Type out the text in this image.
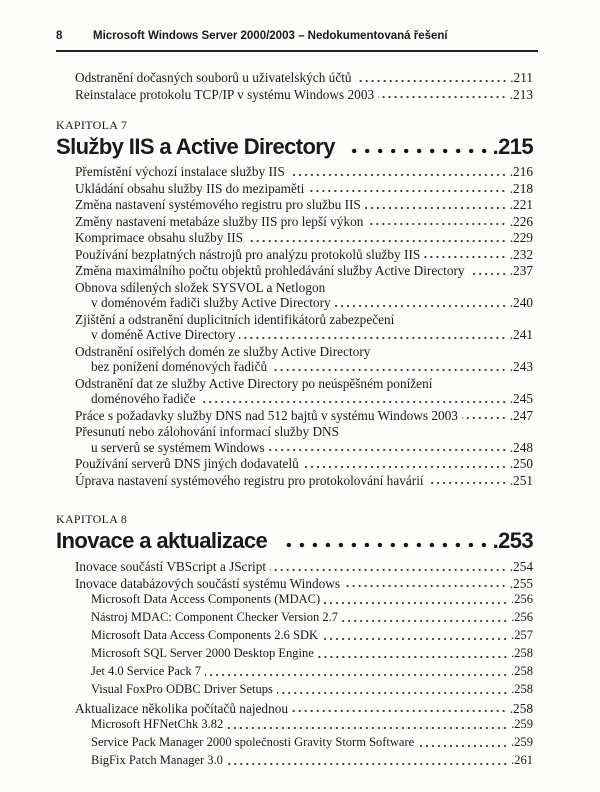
8	Microsoft Windows Server 2000/2003 – Nedokumentovaná řešení
Odstranění dočasných souborů u uživatelských účtů	.211
Reinstalace protokolu TCP/IP v systému Windows 2003	.213
KAPITOLA 7
Služby IIS a Active Directory	.215
Přemístění výchozí instalace služby IIS	.216
Ukládání obsahu služby IIS do mezipaměti	.218
Změna nastavení systémového registru pro službu IIS	.221
Změny nastavení metabáze služby IIS pro lepší výkon	.226
Komprimace obsahu služby IIS	.229
Používání bezplatných nástrojů pro analýzu protokolů služby IIS	.232
Změna maximálního počtu objektů prohledávání služby Active Directory	.237
Obnova sdílených složek SYSVOL a Netlogon
v doménovém řadiči služby Active Directory	.240
Zjištění a odstranění duplicitních identifikátorů zabezpečení
v doméně Active Directory	.241
Odstranění osiřelých domén ze služby Active Directory
bez ponížení doménových řadičů	.243
Odstranění dat ze služby Active Directory po neúspěšném ponížení
doménového řadiče	.245
Práce s požadavky služby DNS nad 512 bajtů v systému Windows 2003	.247
Přesunutí nebo zálohování informací služby DNS
u serverů se systémem Windows	.248
Používání serverů DNS jiných dodavatelů	.250
Úprava nastavení systémového registru pro protokolování havárií	.251
KAPITOLA 8
Inovace a aktualizace	.253
Inovace součástí VBScript a JScript	.254
Inovace databázových součástí systému Windows	.255
Microsoft Data Access Components (MDAC)	.256
Nástroj MDAC: Component Checker Version 2.7	.256
Microsoft Data Access Components 2.6 SDK	.257
Microsoft SQL Server 2000 Desktop Engine	.258
Jet 4.0 Service Pack 7	.258
Visual FoxPro ODBC Driver Setups	.258
Aktualizace několika počítačů najednou	.258
Microsoft HFNetChk 3.82	.259
Service Pack Manager 2000 společnosti Gravity Storm Software	.259
BigFix Patch Manager 3.0	.261
